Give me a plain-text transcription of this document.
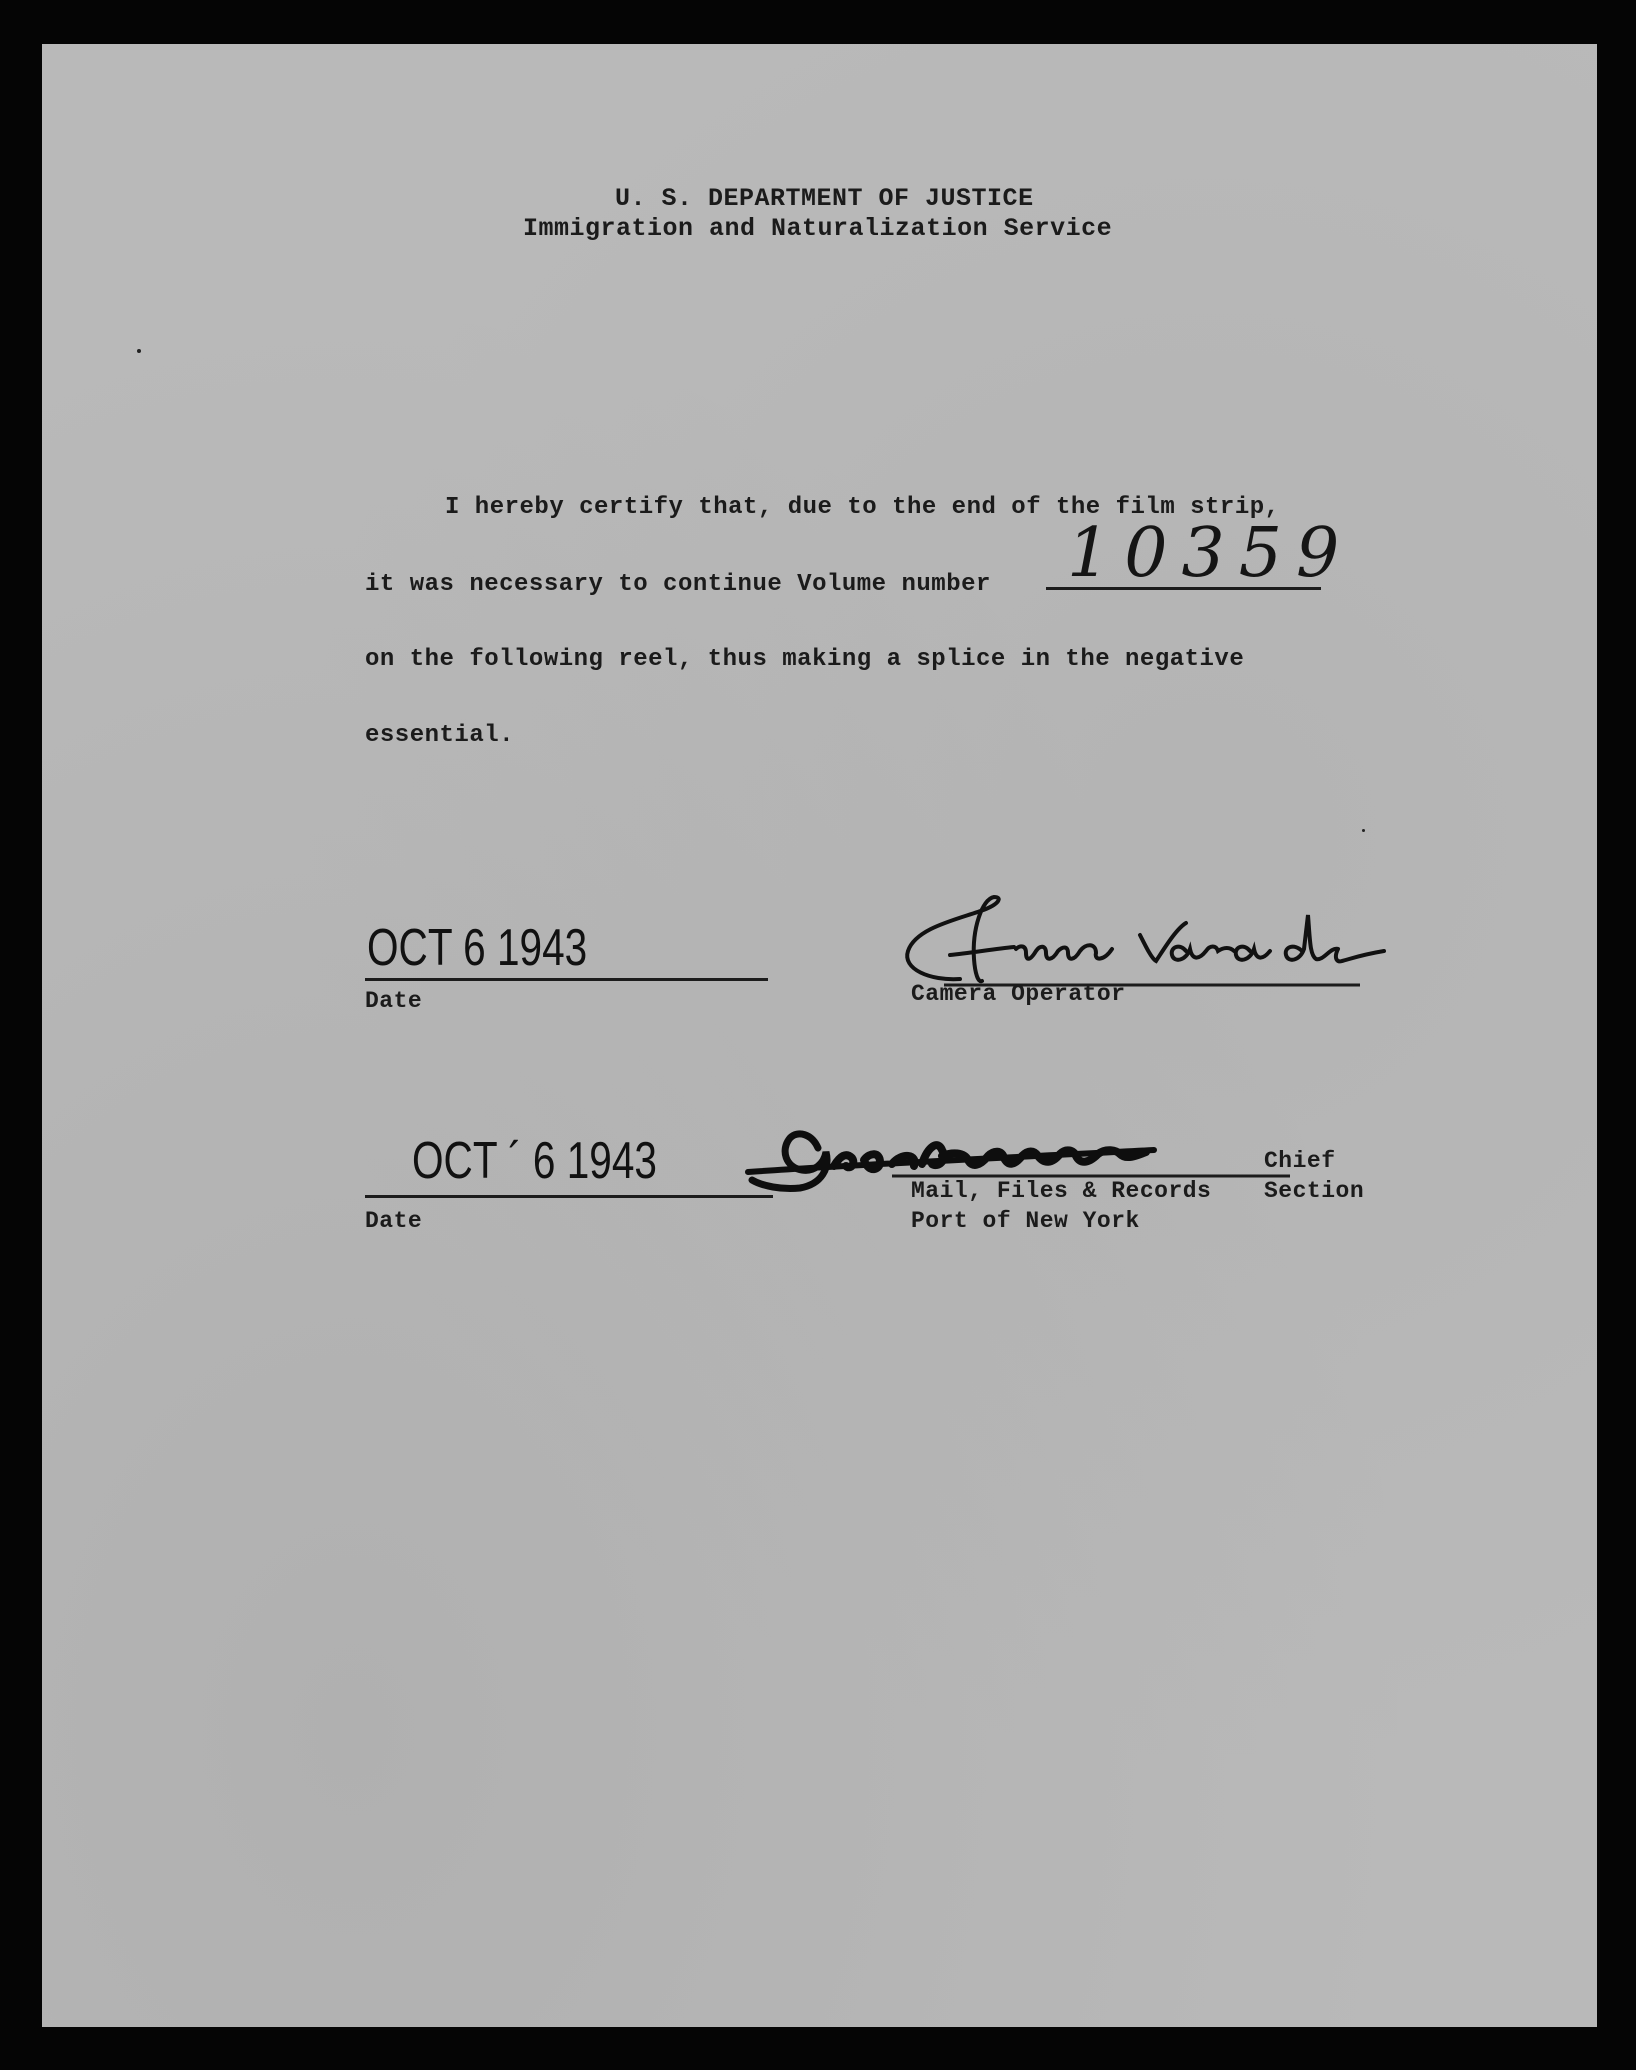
U. S. DEPARTMENT OF JUSTICE
Immigration and Naturalization Service
I hereby certify that, due to the end of the film strip,
it was necessary to continue Volume number 10359
on the following reel, thus making a splice in the negative
essential.
OCT 6 1943
Date	Camera Operator
OCT ´ 6 1943
Date
Chief
Mail, Files & Records Section
Port of New York
